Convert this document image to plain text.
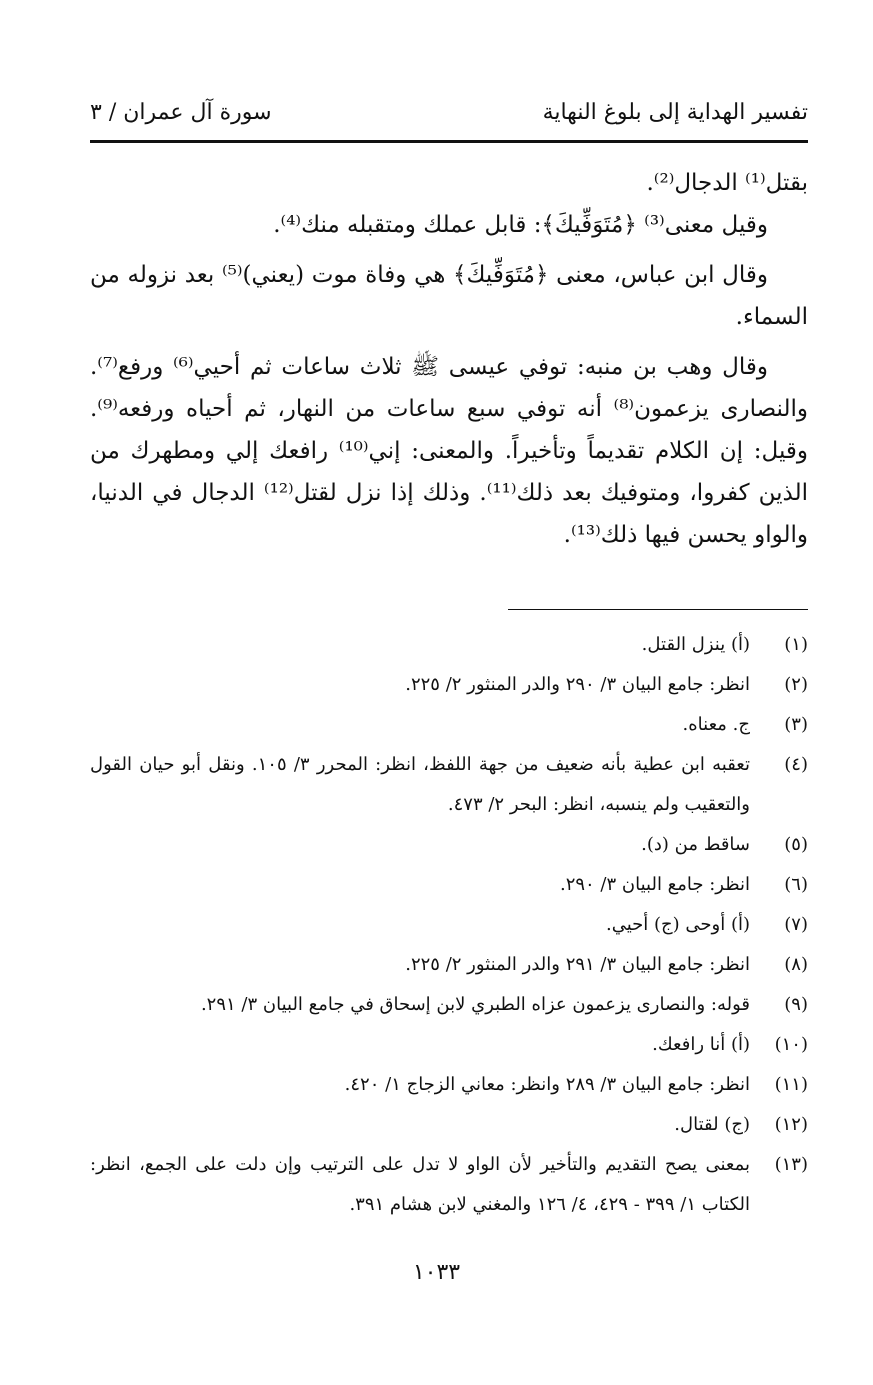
تفسير الهداية إلى بلوغ النهاية
سورة آل عمران / ٣

بقتل⁽¹⁾ الدجال⁽²⁾.

وقيل معنى⁽³⁾ ﴿مُتَوَفِّيكَ﴾: قابل عملك ومتقبله منك⁽⁴⁾.

وقال ابن عباس، معنى ﴿مُتَوَفِّيكَ﴾ هي وفاة موت (يعني)⁽⁵⁾ بعد نزوله من السماء.

وقال وهب بن منبه: توفي عيسى ﷺ ثلاث ساعات ثم أحيي⁽⁶⁾ ورفع⁽⁷⁾. والنصارى يزعمون⁽⁸⁾ أنه توفي سبع ساعات من النهار، ثم أحياه ورفعه⁽⁹⁾. وقيل: إن الكلام تقديماً وتأخيراً. والمعنى: إني⁽¹⁰⁾ رافعك إلي ومطهرك من الذين كفروا، ومتوفيك بعد ذلك⁽¹¹⁾. وذلك إذا نزل لقتل⁽¹²⁾ الدجال في الدنيا، والواو يحسن فيها ذلك⁽¹³⁾.

(١)
(أ) ينزل القتل.
(٢)
انظر: جامع البيان ٣/ ٢٩٠ والدر المنثور ٢/ ٢٢٥.
(٣)
ج. معناه.
(٤)
تعقبه ابن عطية بأنه ضعيف من جهة اللفظ، انظر: المحرر ٣/ ١٠٥. ونقل أبو حيان القول والتعقيب ولم ينسبه، انظر: البحر ٢/ ٤٧٣.
(٥)
ساقط من (د).
(٦)
انظر: جامع البيان ٣/ ٢٩٠.
(٧)
(أ) أوحى (ج) أحيي.
(٨)
انظر: جامع البيان ٣/ ٢٩١ والدر المنثور ٢/ ٢٢٥.
(٩)
قوله: والنصارى يزعمون عزاه الطبري لابن إسحاق في جامع البيان ٣/ ٢٩١.
(١٠)
(أ) أنا رافعك.
(١١)
انظر: جامع البيان ٣/ ٢٨٩ وانظر: معاني الزجاج ١/ ٤٢٠.
(١٢)
(ج) لقتال.
(١٣)
بمعنى يصح التقديم والتأخير لأن الواو لا تدل على الترتيب وإن دلت على الجمع، انظر: الكتاب ١/ ٣٩٩ - ٤٢٩، ٤/ ١٢٦ والمغني لابن هشام ٣٩١.
١٠٣٣
